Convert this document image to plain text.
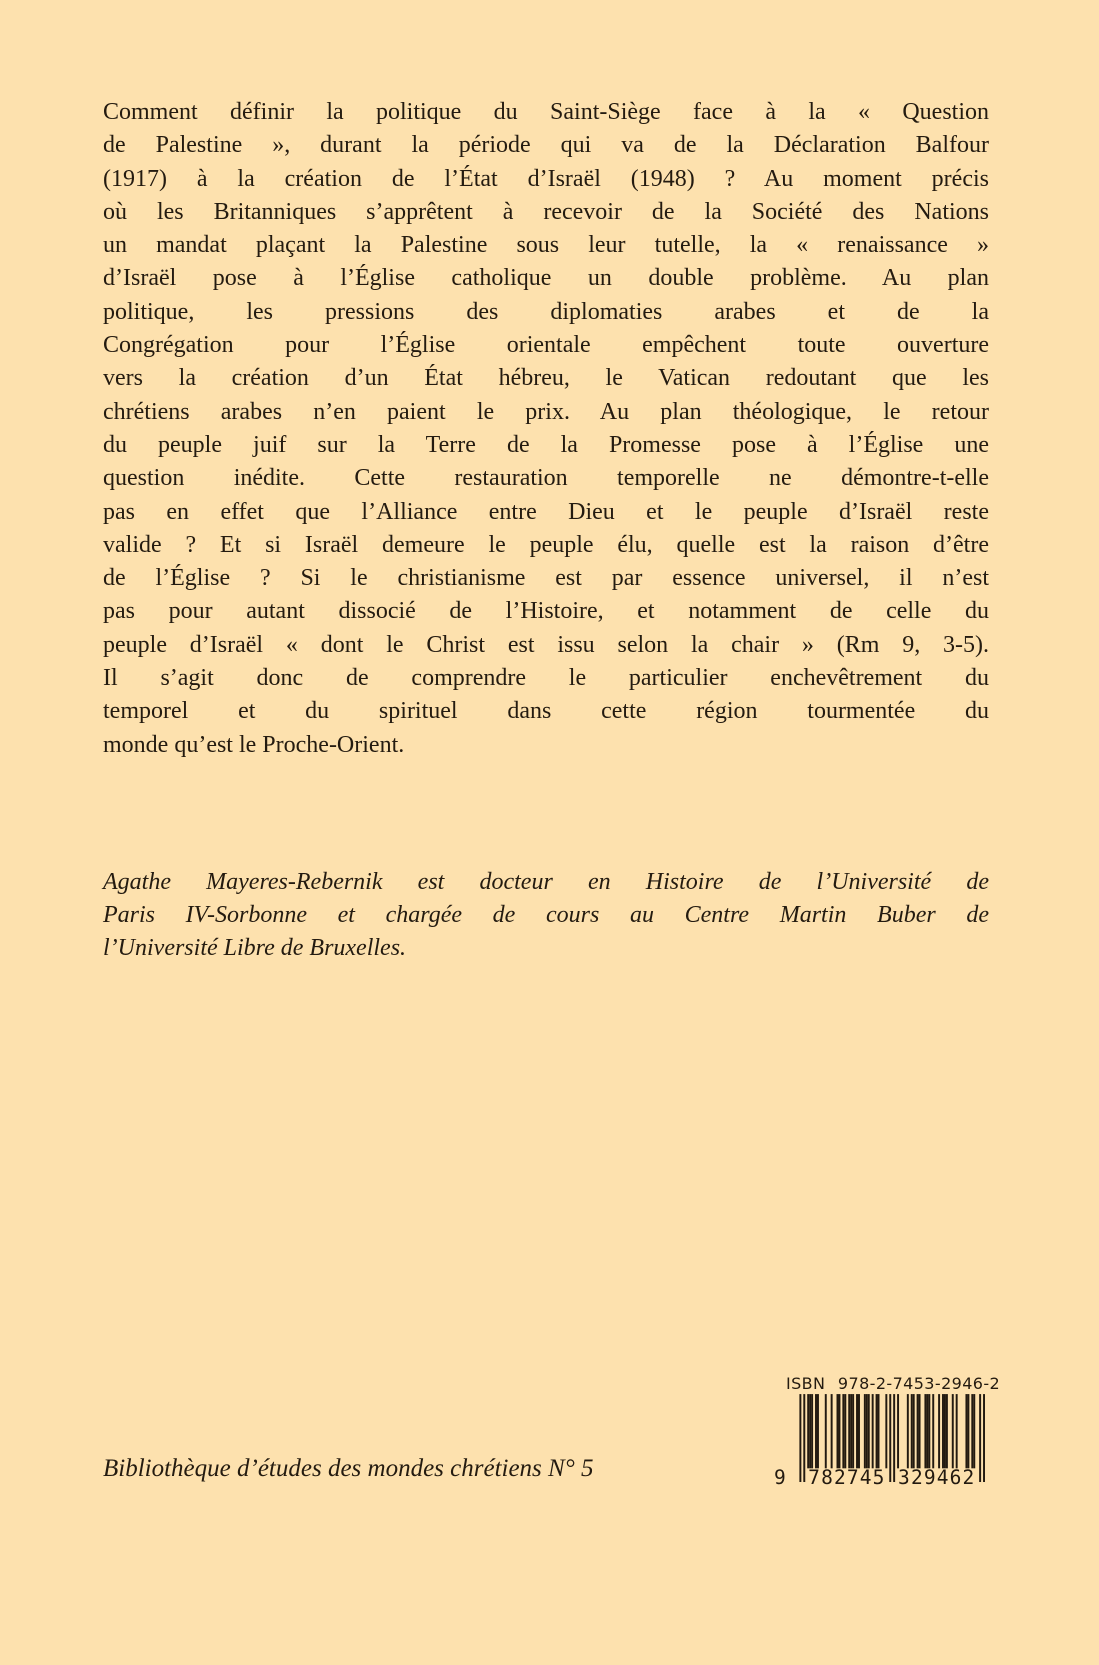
Comment définir la politique du Saint-Siège face à la « Question
de Palestine », durant la période qui va de la Déclaration Balfour
(1917) à la création de l’État d’Israël (1948) ? Au moment précis
où les Britanniques s’apprêtent à recevoir de la Société des Nations
un mandat plaçant la Palestine sous leur tutelle, la « renaissance »
d’Israël pose à l’Église catholique un double problème. Au plan
politique, les pressions des diplomaties arabes et de la
Congrégation pour l’Église orientale empêchent toute ouverture
vers la création d’un État hébreu, le Vatican redoutant que les
chrétiens arabes n’en paient le prix. Au plan théologique, le retour
du peuple juif sur la Terre de la Promesse pose à l’Église une
question inédite. Cette restauration temporelle ne démontre-t-elle
pas en effet que l’Alliance entre Dieu et le peuple d’Israël reste
valide ? Et si Israël demeure le peuple élu, quelle est la raison d’être
de l’Église ? Si le christianisme est par essence universel, il n’est
pas pour autant dissocié de l’Histoire, et notamment de celle du
peuple d’Israël « dont le Christ est issu selon la chair » (Rm 9, 3-5).
Il s’agit donc de comprendre le particulier enchevêtrement du
temporel et du spirituel dans cette région tourmentée du
monde qu’est le Proche-Orient.
Agathe Mayeres-Rebernik est docteur en Histoire de l’Université de
Paris IV-Sorbonne et chargée de cours au Centre Martin Buber de
l’Université Libre de Bruxelles.
Bibliothèque d’études des mondes chrétiens N° 5
ISBN 978-2-7453-2946-2
9 782745 329462
